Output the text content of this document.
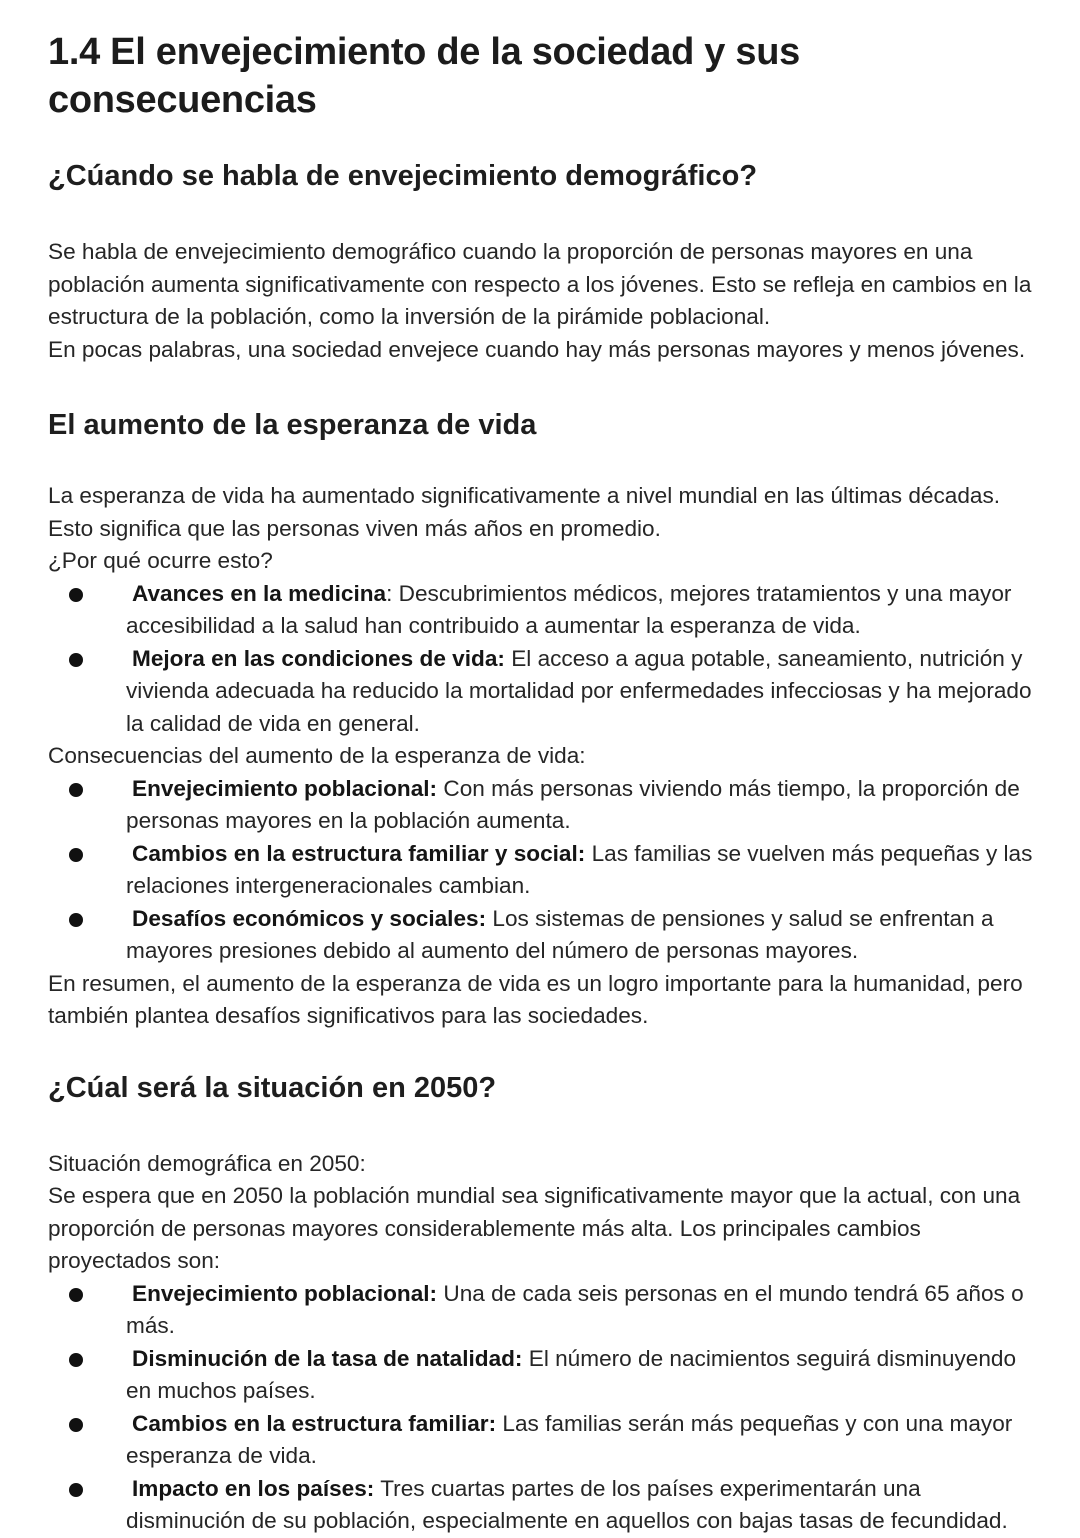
1.4 El envejecimiento de la sociedad y sus consecuencias
¿Cúando se habla de envejecimiento demográfico?

Se habla de envejecimiento demográfico cuando la proporción de personas mayores en una población aumenta significativamente con respecto a los jóvenes. Esto se refleja en cambios en la estructura de la población, como la inversión de la pirámide poblacional.

En pocas palabras, una sociedad envejece cuando hay más personas mayores y menos jóvenes.

El aumento de la esperanza de vida

La esperanza de vida ha aumentado significativamente a nivel mundial en las últimas décadas. Esto significa que las personas viven más años en promedio.

¿Por qué ocurre esto?

Avances en la medicina: Descubrimientos médicos, mejores tratamientos y una mayor accesibilidad a la salud han contribuido a aumentar la esperanza de vida.
Mejora en las condiciones de vida: El acceso a agua potable, saneamiento, nutrición y vivienda adecuada ha reducido la mortalidad por enfermedades infecciosas y ha mejorado la calidad de vida en general.

Consecuencias del aumento de la esperanza de vida:

Envejecimiento poblacional: Con más personas viviendo más tiempo, la proporción de personas mayores en la población aumenta.
Cambios en la estructura familiar y social: Las familias se vuelven más pequeñas y las relaciones intergeneracionales cambian.
Desafíos económicos y sociales: Los sistemas de pensiones y salud se enfrentan a mayores presiones debido al aumento del número de personas mayores.

En resumen, el aumento de la esperanza de vida es un logro importante para la humanidad, pero también plantea desafíos significativos para las sociedades.

¿Cúal será la situación en 2050?

Situación demográfica en 2050:

Se espera que en 2050 la población mundial sea significativamente mayor que la actual, con una proporción de personas mayores considerablemente más alta. Los principales cambios proyectados son:

Envejecimiento poblacional: Una de cada seis personas en el mundo tendrá 65 años o más.
Disminución de la tasa de natalidad: El número de nacimientos seguirá disminuyendo en muchos países.
Cambios en la estructura familiar: Las familias serán más pequeñas y con una mayor esperanza de vida.
Impacto en los países: Tres cuartas partes de los países experimentarán una disminución de su población, especialmente en aquellos con bajas tasas de fecundidad.
